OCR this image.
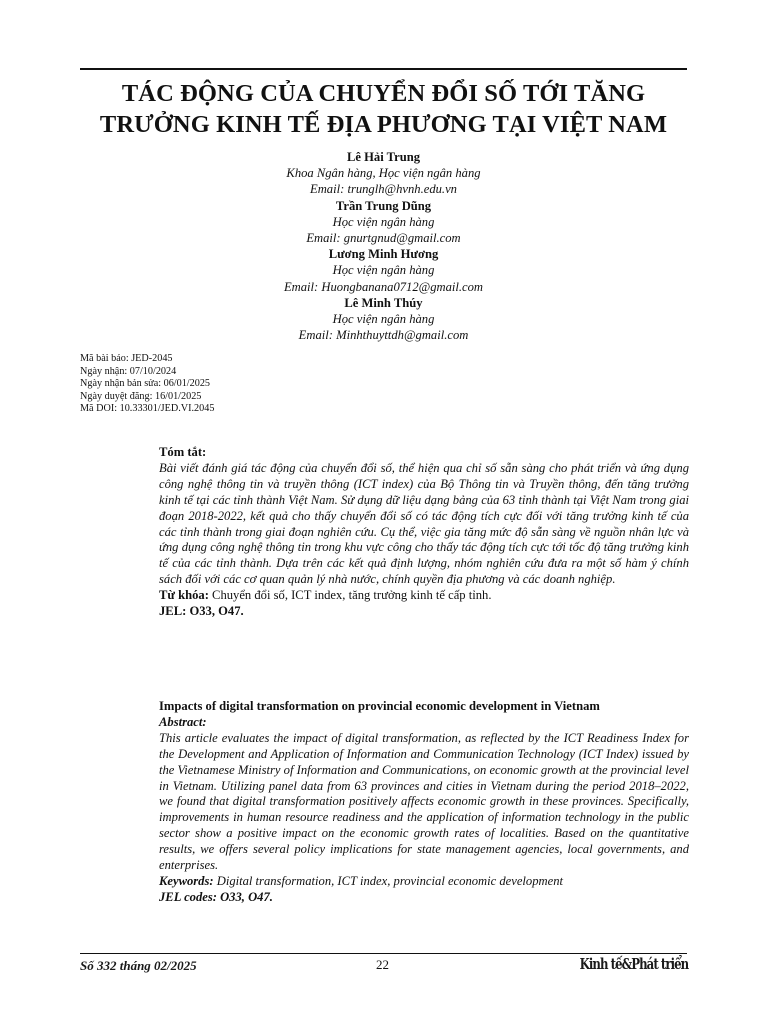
TÁC ĐỘNG CỦA CHUYỂN ĐỔI SỐ TỚI TĂNG
TRƯỞNG KINH TẾ ĐỊA PHƯƠNG TẠI VIỆT NAM
Lê Hải Trung
Khoa Ngân hàng, Học viện ngân hàng
Email: trunglh@hvnh.edu.vn
Trần Trung Dũng
Học viện ngân hàng
Email: gnurtgnud@gmail.com
Lương Minh Hương
Học viện ngân hàng
Email: Huongbanana0712@gmail.com
Lê Minh Thúy
Học viện ngân hàng
Email: Minhthuyttdh@gmail.com
Mã bài báo: JED-2045
Ngày nhận: 07/10/2024
Ngày nhận bản sửa: 06/01/2025
Ngày duyệt đăng: 16/01/2025
Mã DOI: 10.33301/JED.VI.2045
Tóm tắt:
Bài viết đánh giá tác động của chuyển đổi số, thể hiện qua chỉ số sẵn sàng cho phát triển và ứng dụng công nghệ thông tin và truyền thông (ICT index) của Bộ Thông tin và Truyền thông, đến tăng trưởng kinh tế tại các tỉnh thành Việt Nam. Sử dụng dữ liệu dạng bảng của 63 tỉnh thành tại Việt Nam trong giai đoạn 2018-2022, kết quả cho thấy chuyển đổi số có tác động tích cực đối với tăng trưởng kinh tế của các tỉnh thành trong giai đoạn nghiên cứu. Cụ thể, việc gia tăng mức độ sẵn sàng về nguồn nhân lực và ứng dụng công nghệ thông tin trong khu vực công cho thấy tác động tích cực tới tốc độ tăng trưởng kinh tế của các tỉnh thành. Dựa trên các kết quả định lượng, nhóm nghiên cứu đưa ra một số hàm ý chính sách đối với các cơ quan quản lý nhà nước, chính quyền địa phương và các doanh nghiệp.
Từ khóa: Chuyển đổi số, ICT index, tăng trưởng kinh tế cấp tỉnh.
JEL: O33, O47.
Impacts of digital transformation on provincial economic development in Vietnam
Abstract:
This article evaluates the impact of digital transformation, as reflected by the ICT Readiness Index for the Development and Application of Information and Communication Technology (ICT Index) issued by the Vietnamese Ministry of Information and Communications, on economic growth at the provincial level in Vietnam. Utilizing panel data from 63 provinces and cities in Vietnam during the period 2018–2022, we found that digital transformation positively affects economic growth in these provinces. Specifically, improvements in human resource readiness and the application of information technology in the public sector show a positive impact on the economic growth rates of localities. Based on the quantitative results, we offers several policy implications for state management agencies, local governments, and enterprises.
Keywords: Digital transformation, ICT index, provincial economic development
JEL codes: O33, O47.
Số 332 tháng 02/2025	22	Kinh tế&Phát triển
